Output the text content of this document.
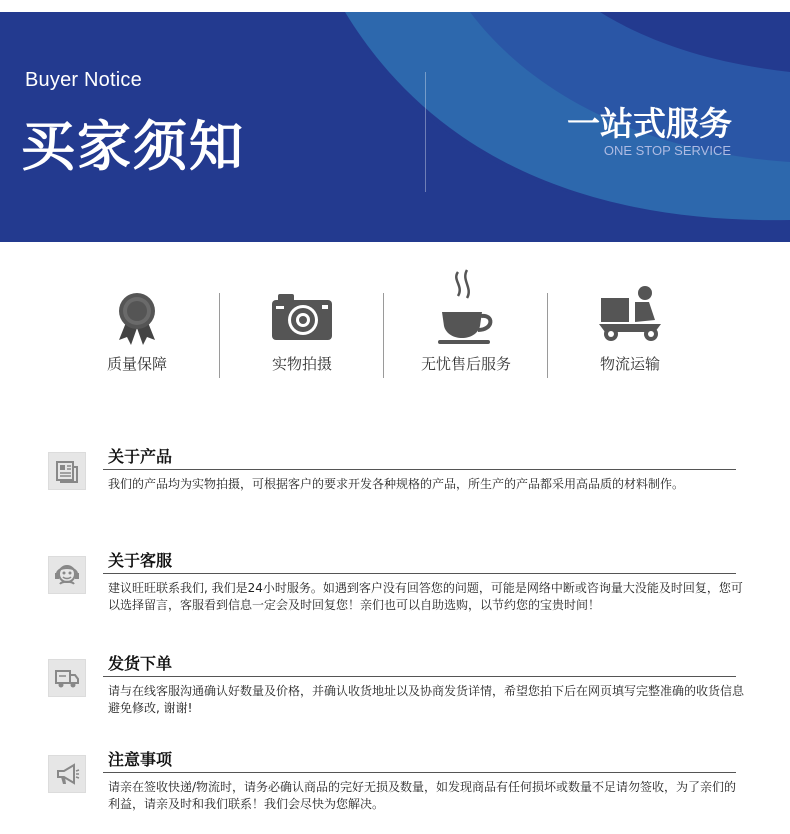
Buyer Notice
买家须知	一站式服务
ONE STOP SERVICE
质量保障	实物拍摄	无忧售后服务	物流运输
关于产品
我们的产品均为实物拍摄，可根据客户的要求开发各种规格的产品，所生产的产品都采用高品质的材料制作。
关于客服
建议旺旺联系我们, 我们是24小时服务。如遇到客户没有回答您的问题，可能是网络中断或咨询量大没能及时回复，您可以选择留言，客服看到信息一定会及时回复您！亲们也可以自助选购，以节约您的宝贵时间！
发货下单
请与在线客服沟通确认好数量及价格，并确认收货地址以及协商发货详情，希望您拍下后在网页填写完整准确的收货信息避免修改, 谢谢!
注意事项
请亲在签收快递/物流时，请务必确认商品的完好无损及数量，如发现商品有任何损坏或数量不足请勿签收，为了亲们的利益，请亲及时和我们联系！我们会尽快为您解决。
